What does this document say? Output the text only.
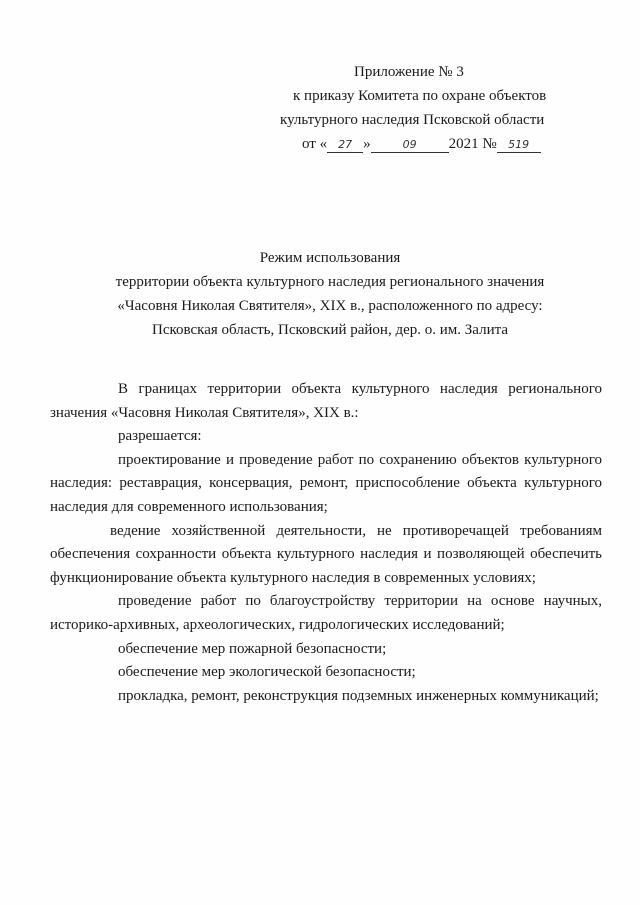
Приложение № 3
к приказу Комитета по охране объектов
культурного наследия Псковской области
от « 27 »	09 2021 № 519
Режим использования
территории объекта культурного наследия регионального значения
«Часовня Николая Святителя», XIX в., расположенного по адресу:
Псковская область, Псковский район, дер. о. им. Залита

В границах территории объекта культурного наследия регионального значения «Часовня Николая Святителя», XIX в.:

разрешается:

проектирование и проведение работ по сохранению объектов культурного наследия: реставрация, консервация, ремонт, приспособление объекта культурного наследия для современного использования;

ведение хозяйственной деятельности, не противоречащей требованиям обеспечения сохранности объекта культурного наследия и позволяющей обеспечить функционирование объекта культурного наследия в современных условиях;

проведение работ по благоустройству территории на основе научных, историко-архивных, археологических, гидрологических исследований;

обеспечение мер пожарной безопасности;

обеспечение мер экологической безопасности;

прокладка, ремонт, реконструкция подземных инженерных коммуникаций;
